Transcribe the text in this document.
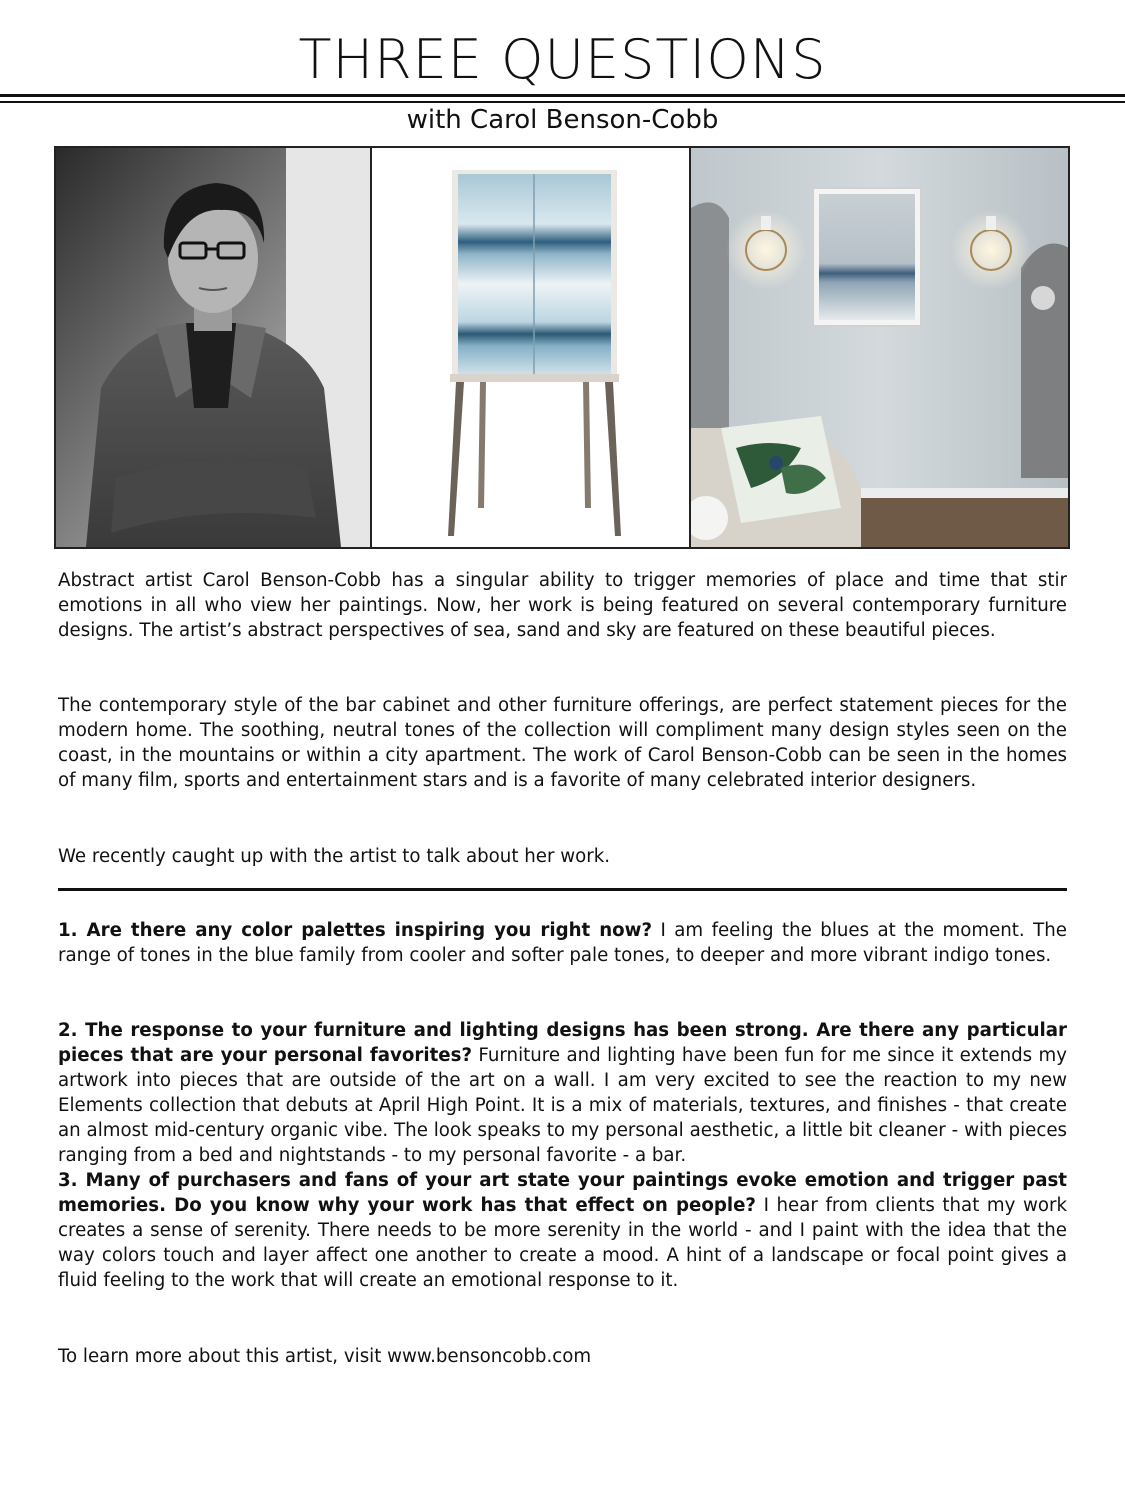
THREE QUESTIONS
with Carol Benson-Cobb

Abstract artist Carol Benson-Cobb has a singular ability to trigger memories of place and time that stir emotions in all who view her paintings. Now, her work is being featured on several contemporary furniture designs. The artist’s abstract perspectives of sea, sand and sky are featured on these beautiful pieces.

The contemporary style of the bar cabinet and other furniture offerings, are perfect statement pieces for the modern home. The soothing, neutral tones of the collection will compliment many design styles seen on the coast, in the mountains or within a city apartment. The work of Carol Benson-Cobb can be seen in the homes of many film, sports and entertainment stars and is a favorite of many celebrated interior designers.

We recently caught up with the artist to talk about her work.

1. Are there any color palettes inspiring you right now? I am feeling the blues at the moment. The range of tones in the blue family from cooler and softer pale tones, to deeper and more vibrant indigo tones.

2. The response to your furniture and lighting designs has been strong. Are there any particular pieces that are your personal favorites? Furniture and lighting have been fun for me since it extends my artwork into pieces that are outside of the art on a wall. I am very excited to see the reaction to my new Elements collection that debuts at April High Point. It is a mix of materials, textures, and finishes - that create an almost mid-century organic vibe. The look speaks to my personal aesthetic, a little bit cleaner - with pieces ranging from a bed and nightstands - to my personal favorite - a bar.

3. Many of purchasers and fans of your art state your paintings evoke emotion and trigger past memories. Do you know why your work has that effect on people? I hear from clients that my work creates a sense of serenity. There needs to be more serenity in the world - and I paint with the idea that the way colors touch and layer affect one another to create a mood. A hint of a landscape or focal point gives a fluid feeling to the work that will create an emotional response to it.

To learn more about this artist, visit www.bensoncobb.com
